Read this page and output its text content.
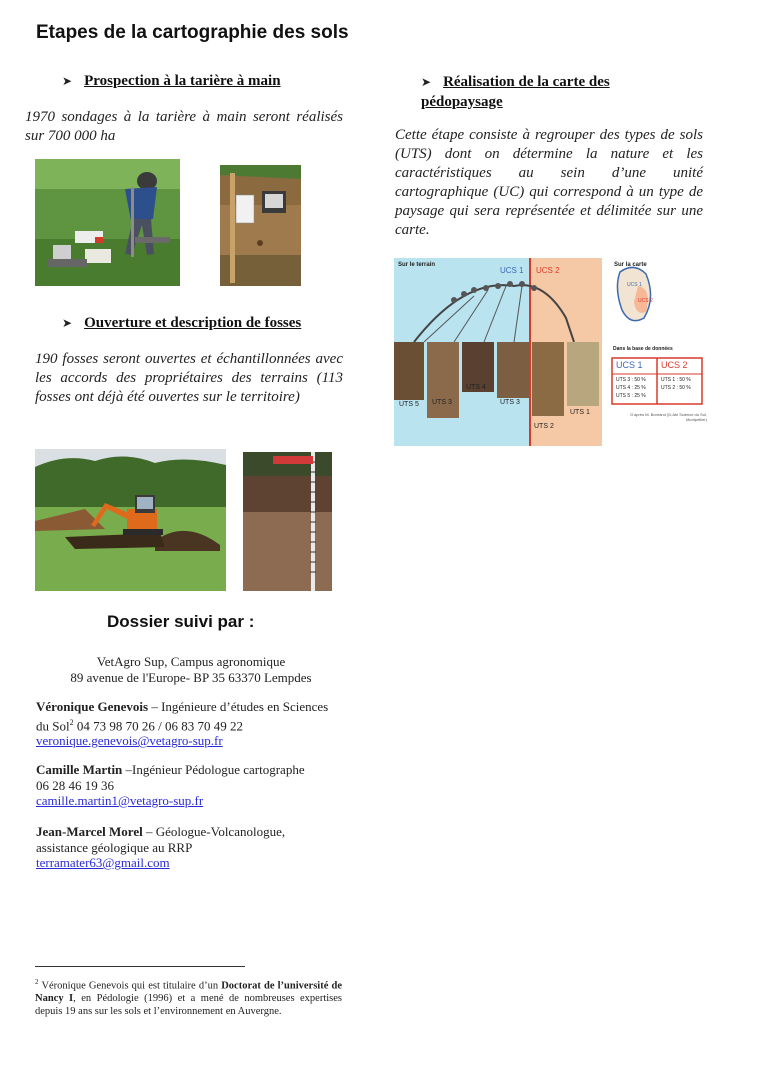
Etapes de la cartographie des sols
➤ Prospection à la tarière à main
1970 sondages à la tarière à main seront réalisés sur 700 000 ha
➤ Ouverture et description de fosses
190 fosses seront ouvertes et échantillonnées avec les accords des propriétaires des terrains (113 fosses ont déjà été ouvertes sur le territoire)
➤ Réalisation de la carte des pédopaysage
Cette étape consiste à regrouper des types de sols (UTS) dont on détermine la nature et les caractéristiques au sein d’une unité cartographique (UC) qui correspond à un type de paysage qui sera représentée et délimitée sur une carte.
Sur le terrain
UCS 1 UCS 2
Sur la carte
UCS 1
UCS 2
UTS 5 UTS 3
UTS 4
UTS 3
UTS 2
UTS 1
Dans la base de données
UCS 1 UCS 2
UTS 3 : 50 %
UTS 4 : 25 %
UTS 5 : 25 %
UTS 1 : 50 %
UTS 2 : 50 %
D'après M. Bornand (D.Abi Science du Sol, Montpellier)
Dossier suivi par :
VetAgro Sup, Campus agronomique
89 avenue de l'Europe- BP 35 63370 Lempdes
Véronique Genevois – Ingénieure d’études en Sciences
du Sol$^2$ 04 73 98 70 26 / 06 83 70 49 22
veronique.genevois@vetagro-sup.fr
Camille Martin –Ingénieur Pédologue cartographe
06 28 46 19 36
camille.martin1@vetagro-sup.fr
Jean-Marcel Morel – Géologue-Volcanologue,
assistance géologique au RRP
terramater63@gmail.com
$^2$ Véronique Genevois qui est titulaire d’un Doctorat de l’université de Nancy I, en Pédologie (1996) et a mené de nombreuses expertises depuis 19 ans sur les sols et l’environnement en Auvergne.
